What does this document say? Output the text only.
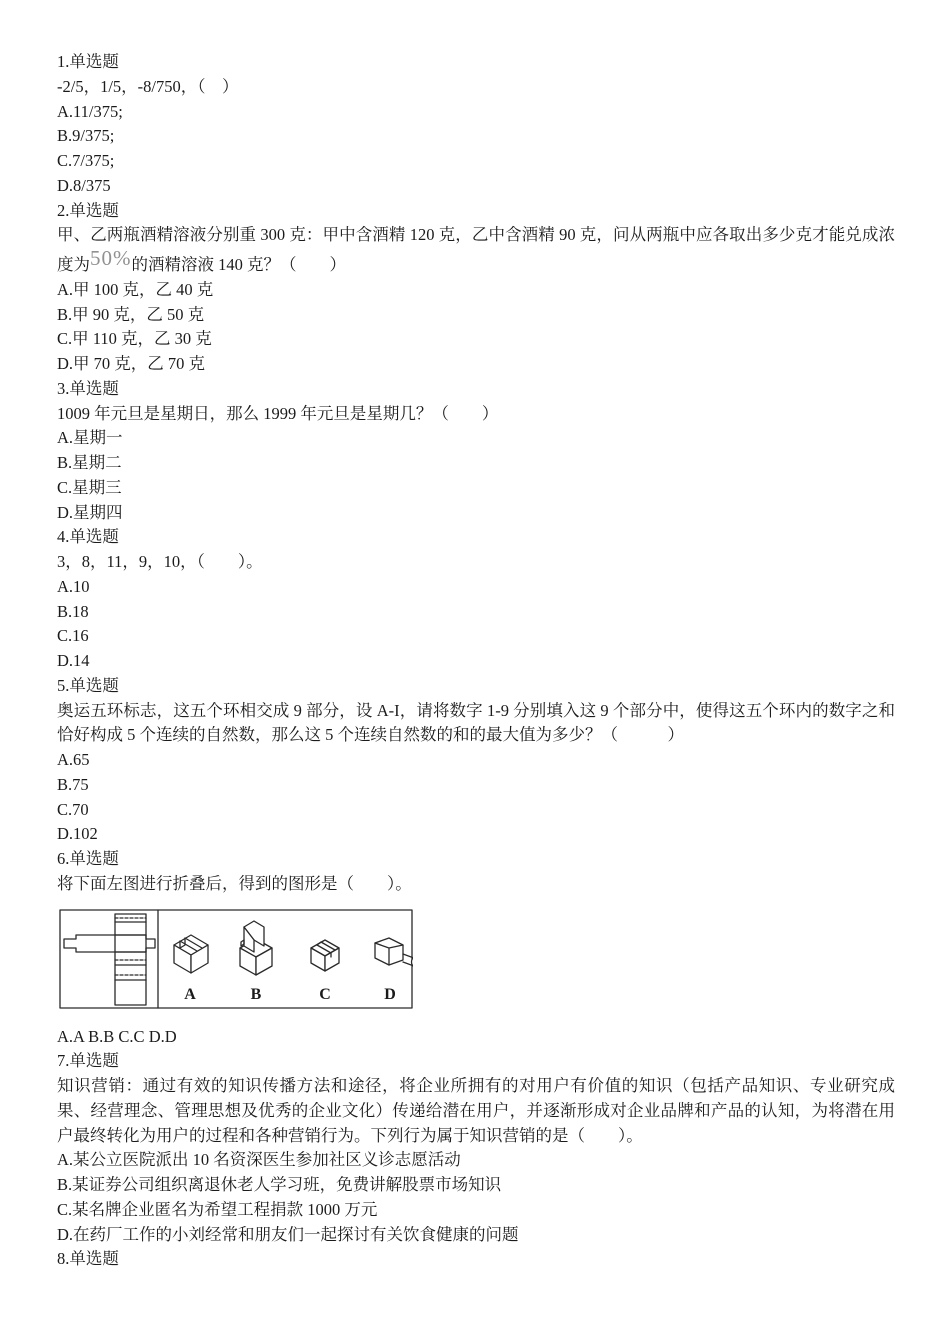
1.单选题

-2/5，1/5，-8/750，（　）

A.11/375;

B.9/375;

C.7/375;

D.8/375

2.单选题

甲、乙两瓶酒精溶液分别重 300 克：甲中含酒精 120 克，乙中含酒精 90 克，问从两瓶中应各取出多少克才能兑成浓度为50%的酒精溶液 140 克？（　　）

A.甲 100 克，乙 40 克

B.甲 90 克，乙 50 克

C.甲 110 克，乙 30 克

D.甲 70 克，乙 70 克

3.单选题

1009 年元旦是星期日，那么 1999 年元旦是星期几？（　　）

A.星期一

B.星期二

C.星期三

D.星期四

4.单选题

3，8，11，9，10，（　　）。

A.10

B.18

C.16

D.14

5.单选题

奥运五环标志，这五个环相交成 9 部分，设 A-I，请将数字 1-9 分别填入这 9 个部分中，使得这五个环内的数字之和恰好构成 5 个连续的自然数，那么这 5 个连续自然数的和的最大值为多少？（　　　）

A.65

B.75

C.70

D.102

6.单选题

将下面左图进行折叠后，得到的图形是（　　）。

A	B	C	D

A.A B.B C.C D.D

7.单选题

知识营销：通过有效的知识传播方法和途径，将企业所拥有的对用户有价值的知识（包括产品知识、专业研究成果、经营理念、管理思想及优秀的企业文化）传递给潜在用户，并逐渐形成对企业品牌和产品的认知，为将潜在用户最终转化为用户的过程和各种营销行为。下列行为属于知识营销的是（　　）。

A.某公立医院派出 10 名资深医生参加社区义诊志愿活动

B.某证券公司组织离退休老人学习班，免费讲解股票市场知识

C.某名牌企业匿名为希望工程捐款 1000 万元

D.在药厂工作的小刘经常和朋友们一起探讨有关饮食健康的问题

8.单选题
